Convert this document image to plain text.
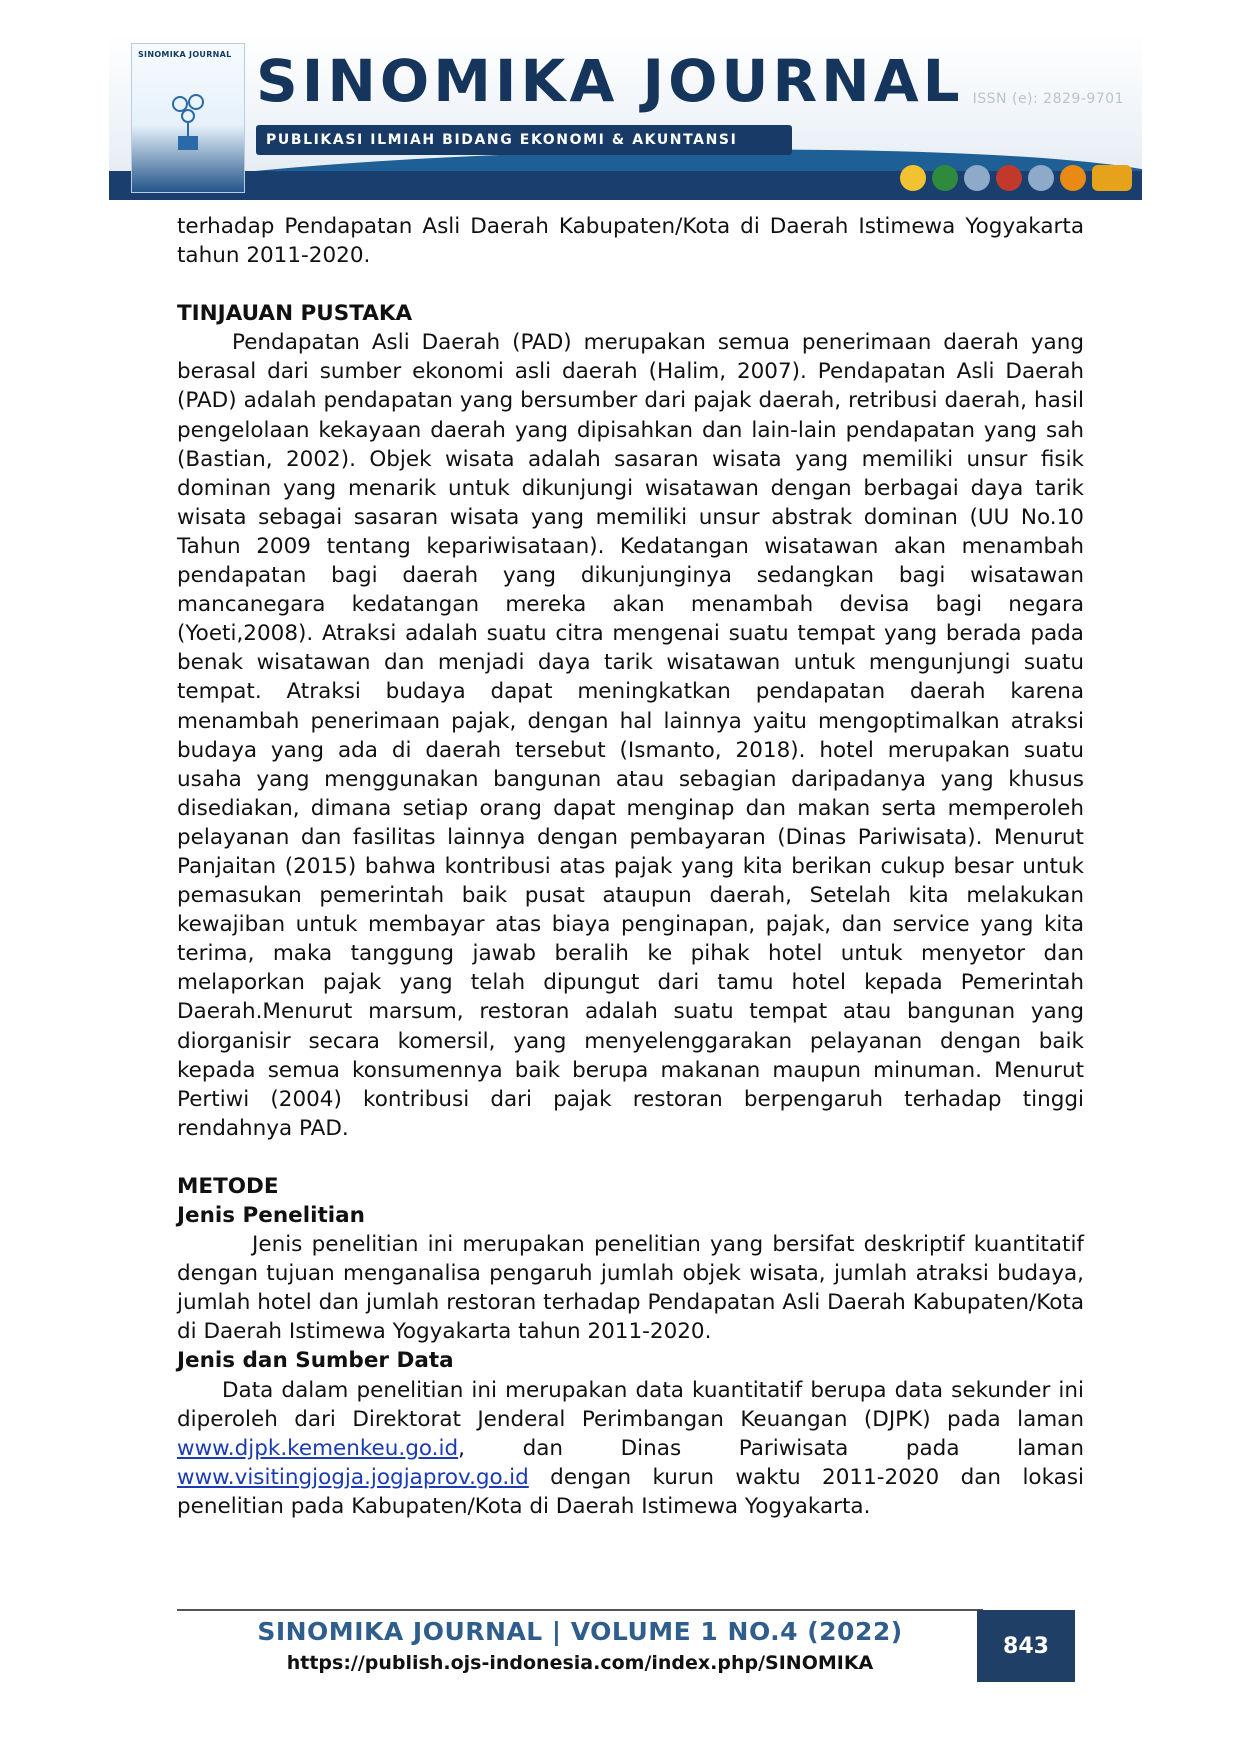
SINOMIKA JOURNAL SINOMIKA JOURNAL
PUBLIKASI ILMIAH BIDANG EKONOMI & AKUNTANSI
ISSN (e): 2829-9701

terhadap Pendapatan Asli Daerah Kabupaten/Kota di Daerah Istimewa Yogyakarta tahun 2011-2020.

TINJAUAN PUSTAKA

Pendapatan Asli Daerah (PAD) merupakan semua penerimaan daerah yang berasal dari sumber ekonomi asli daerah (Halim, 2007). Pendapatan Asli Daerah (PAD) adalah pendapatan yang bersumber dari pajak daerah, retribusi daerah, hasil pengelolaan kekayaan daerah yang dipisahkan dan lain-lain pendapatan yang sah (Bastian, 2002). Objek wisata adalah sasaran wisata yang memiliki unsur fisik dominan yang menarik untuk dikunjungi wisatawan dengan berbagai daya tarik wisata sebagai sasaran wisata yang memiliki unsur abstrak dominan (UU No.10 Tahun 2009 tentang kepariwisataan). Kedatangan wisatawan akan menambah pendapatan bagi daerah yang dikunjunginya sedangkan bagi wisatawan mancanegara kedatangan mereka akan menambah devisa bagi negara (Yoeti,2008). Atraksi adalah suatu citra mengenai suatu tempat yang berada pada benak wisatawan dan menjadi daya tarik wisatawan untuk mengunjungi suatu tempat. Atraksi budaya dapat meningkatkan pendapatan daerah karena menambah penerimaan pajak, dengan hal lainnya yaitu mengoptimalkan atraksi budaya yang ada di daerah tersebut (Ismanto, 2018). hotel merupakan suatu usaha yang menggunakan bangunan atau sebagian daripadanya yang khusus disediakan, dimana setiap orang dapat menginap dan makan serta memperoleh pelayanan dan fasilitas lainnya dengan pembayaran (Dinas Pariwisata). Menurut Panjaitan (2015) bahwa kontribusi atas pajak yang kita berikan cukup besar untuk pemasukan pemerintah baik pusat ataupun daerah, Setelah kita melakukan kewajiban untuk membayar atas biaya penginapan, pajak, dan service yang kita terima, maka tanggung jawab beralih ke pihak hotel untuk menyetor dan melaporkan pajak yang telah dipungut dari tamu hotel kepada Pemerintah Daerah.Menurut marsum, restoran adalah suatu tempat atau bangunan yang diorganisir secara komersil, yang menyelenggarakan pelayanan dengan baik kepada semua konsumennya baik berupa makanan maupun minuman. Menurut Pertiwi (2004) kontribusi dari pajak restoran berpengaruh terhadap tinggi rendahnya PAD.

METODE
Jenis Penelitian

Jenis penelitian ini merupakan penelitian yang bersifat deskriptif kuantitatif dengan tujuan menganalisa pengaruh jumlah objek wisata, jumlah atraksi budaya, jumlah hotel dan jumlah restoran terhadap Pendapatan Asli Daerah Kabupaten/Kota di Daerah Istimewa Yogyakarta tahun 2011-2020.

Jenis dan Sumber Data

Data dalam penelitian ini merupakan data kuantitatif berupa data sekunder ini diperoleh dari Direktorat Jenderal Perimbangan Keuangan (DJPK) pada laman www.djpk.kemenkeu.go.id, dan Dinas Pariwisata pada laman www.visitingjogja.jogjaprov.go.id dengan kurun waktu 2011-2020 dan lokasi penelitian pada Kabupaten/Kota di Daerah Istimewa Yogyakarta.

SINOMIKA JOURNAL | VOLUME 1 NO.4 (2022)
https://publish.ojs-indonesia.com/index.php/SINOMIKA
843
